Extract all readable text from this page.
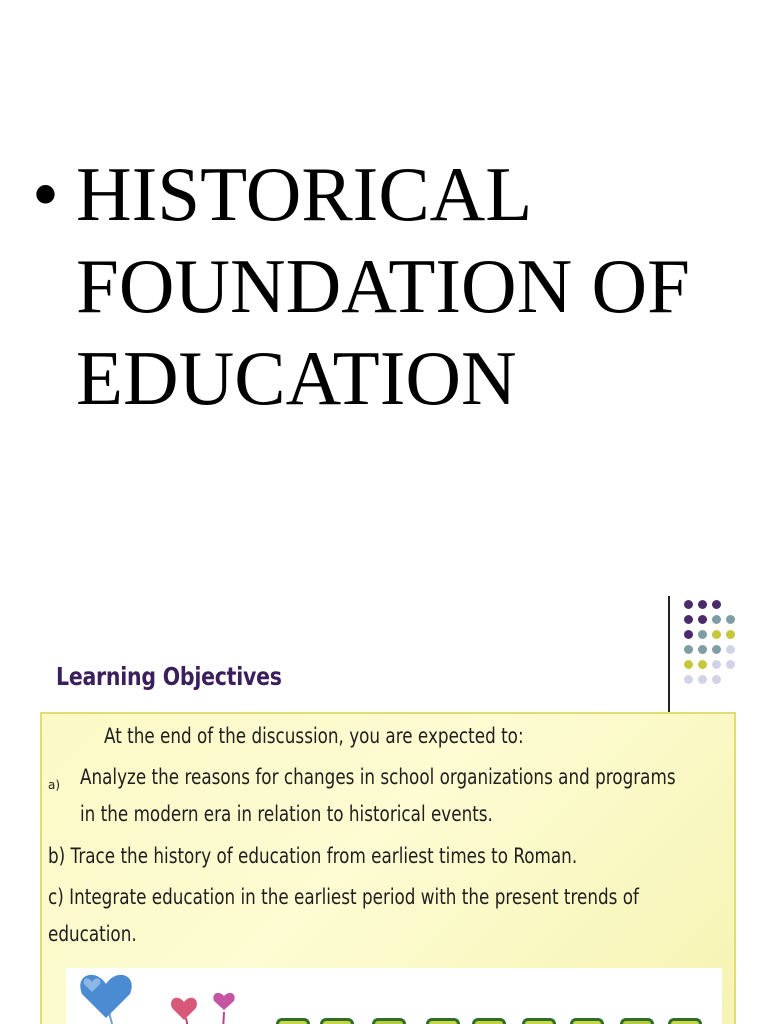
• HISTORICAL
FOUNDATION OF
EDUCATION
Learning Objectives
At the end of the discussion, you are expected to:
a) Analyze the reasons for changes in school organizations and programs
in the modern era in relation to historical events.
b) Trace the history of education from earliest times to Roman.
c) Integrate education in the earliest period with the present trends of
education.
